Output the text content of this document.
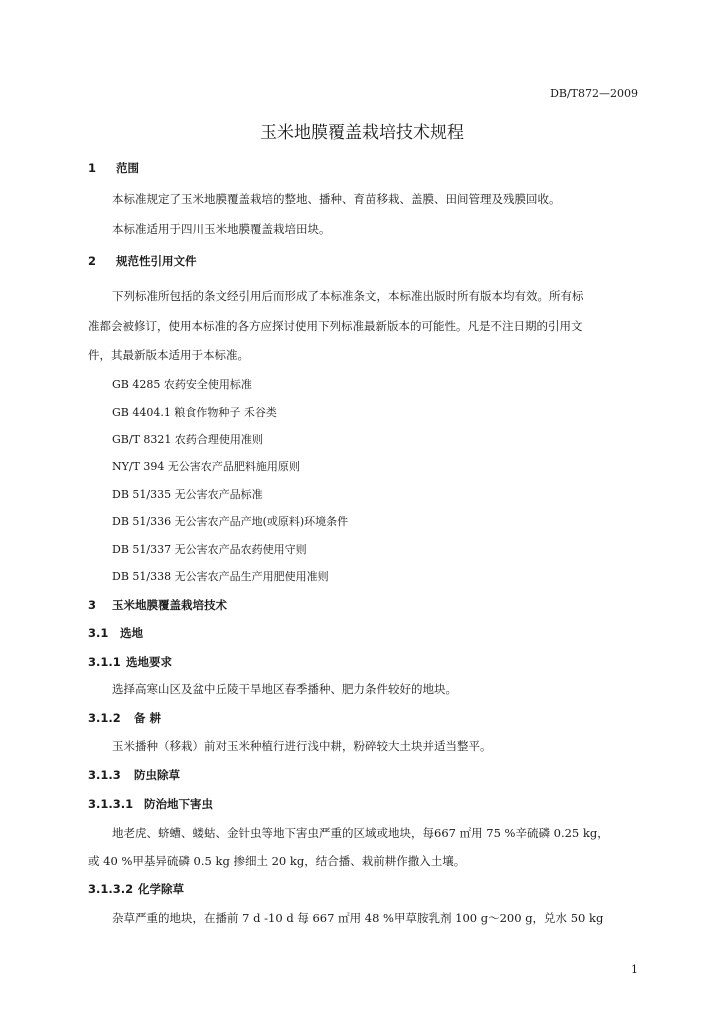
DB/T872—2009
玉米地膜覆盖栽培技术规程
1 范围
本标准规定了玉米地膜覆盖栽培的整地、播种、育苗移栽、盖膜、田间管理及残膜回收。
本标准适用于四川玉米地膜覆盖栽培田块。
2 规范性引用文件
下列标准所包括的条文经引用后而形成了本标准条文，本标准出版时所有版本均有效。所有标
准都会被修订，使用本标准的各方应探讨使用下列标准最新版本的可能性。凡是不注日期的引用文
件，其最新版本适用于本标准。
GB 4285 农药安全使用标准
GB 4404.1 粮食作物种子 禾谷类
GB/T 8321 农药合理使用准则
NY/T 394 无公害农产品肥料施用原则
DB 51/335 无公害农产品标准
DB 51/336 无公害农产品产地(或原料)环境条件
DB 51/337 无公害农产品农药使用守则
DB 51/338 无公害农产品生产用肥使用准则
3 玉米地膜覆盖栽培技术
3.1 选地
3.1.1 选地要求
选择高寒山区及盆中丘陵干旱地区春季播种、肥力条件较好的地块。
3.1.2 备 耕
玉米播种（移栽）前对玉米种植行进行浅中耕，粉碎较大土块并适当整平。
3.1.3 防虫除草
3.1.3.1 防治地下害虫
地老虎、蛴螬、蝼蛄、金针虫等地下害虫严重的区域或地块，每667 ㎡用 75 %辛硫磷 0.25 kg，
或 40 %甲基异硫磷 0.5 kg 掺细土 20 kg，结合播、栽前耕作撒入土壤。
3.1.3.2 化学除草
杂草严重的地块，在播前 7 d -10 d 每 667 ㎡用 48 %甲草胺乳剂 100 g～200 g，兑水 50 kg
1
